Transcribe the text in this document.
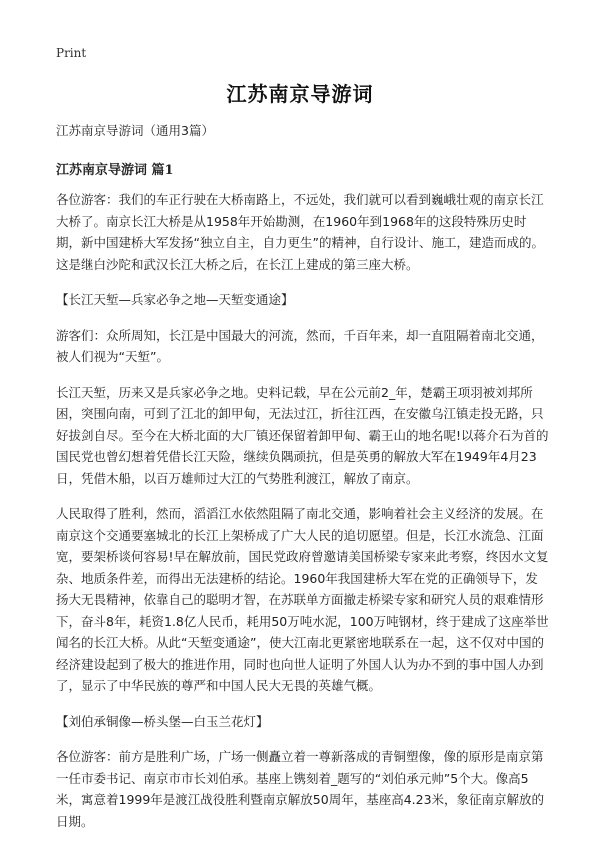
Print
江苏南京导游词

江苏南京导游词（通用3篇）

江苏南京导游词 篇1

各位游客：我们的车正行驶在大桥南路上，不远处，我们就可以看到巍峨壮观的南京长江大桥了。南京长江大桥是从1958年开始勘测，在1960年到1968年的这段特殊历史时期，新中国建桥大军发扬“独立自主，自力更生”的精神，自行设计、施工，建造而成的。这是继白沙陀和武汉长江大桥之后，在长江上建成的第三座大桥。

【长江天堑—兵家必争之地—天堑变通途】

游客们：众所周知，长江是中国最大的河流，然而，千百年来，却一直阻隔着南北交通，被人们视为“天堑”。

长江天堑，历来又是兵家必争之地。史料记载，早在公元前2_年，楚霸王项羽被刘邦所困，突围向南，可到了江北的卸甲甸，无法过江，折往江西，在安徽乌江镇走投无路，只好拔剑自尽。至今在大桥北面的大厂镇还保留着卸甲甸、霸王山的地名呢!以蒋介石为首的国民党也曾幻想着凭借长江天险，继续负隅顽抗，但是英勇的解放大军在1949年4月23日，凭借木船，以百万雄师过大江的气势胜利渡江，解放了南京。

人民取得了胜利，然而，滔滔江水依然阻隔了南北交通，影响着社会主义经济的发展。在南京这个交通要塞城北的长江上架桥成了广大人民的追切愿望。但是，长江水流急、江面宽，要架桥谈何容易!早在解放前，国民党政府曾邀请美国桥梁专家来此考察，终因水文复杂、地质条件差，而得出无法建桥的结论。1960年我国建桥大军在党的正确领导下，发扬大无畏精神，依靠自己的聪明才智，在苏联单方面撤走桥梁专家和研究人员的艰难情形下，奋斗8年，耗资1.8亿人民币，耗用50万吨水泥，100万吨钢材，终于建成了这座举世闻名的长江大桥。从此“天堑变通途”，使大江南北更紧密地联系在一起，这不仅对中国的经济建设起到了极大的推进作用，同时也向世人证明了外国人认为办不到的事中国人办到了，显示了中华民族的尊严和中国人民大无畏的英雄气概。

【刘伯承铜像—桥头堡—白玉兰花灯】

各位游客：前方是胜利广场，广场一侧矗立着一尊新落成的青铜塑像，像的原形是南京第一任市委书记、南京市市长刘伯承。基座上镌刻着_题写的“刘伯承元帅”5个大。像高5米，寓意着1999年是渡江战役胜利暨南京解放50周年，基座高4.23米，象征南京解放的日期。
